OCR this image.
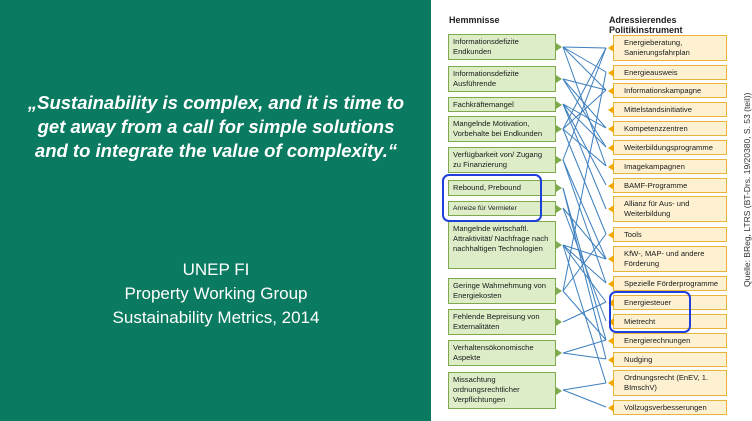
„Sustainability is complex, and it is time to get away from a call for simple solutions and to integrate the value of complexity.“

UNEP FI
Property Working Group
Sustainability Metrics, 2014
Hemmnisse	Adressierendes Politikinstrument
Informationsdefizite Endkunden
Informationsdefizite Ausführende
Fachkräftemangel
Mangelnde Motivation, Vorbehalte bei Endkunden
Verfügbarkeit von/ Zugang zu Finanzierung
Rebound, Prebound
Anreize für Vermieter
Mangelnde wirtschaftl. Attraktivität/ Nachfrage nach nachhaltigen Technologien
Geringe Wahrnehmung von Energiekosten
Fehlende Bepreisung von Externalitäten
Verhaltensökonomische Aspekte
Missachtung ordnungsrechtlicher Verpflichtungen
Energieberatung, Sanierungsfahrplan
Energieausweis
Informationskampagne
Mittelstandsinitiative
Kompetenzzentren
Weiterbildungsprogramme
Imagekampagnen
BAMF-Programme
Allianz für Aus- und Weiterbildung
Tools
KfW-, MAP- und andere Förderung
Spezielle Förderprogramme
Energiesteuer
Mietrecht
Energierechnungen
Nudging
Ordnungsrecht (EnEV, 1. BImschV)
Vollzugsverbesserungen
Quelle: BReg, LTRS (BT-Drs. 19/20380, S. 53 (teil))
